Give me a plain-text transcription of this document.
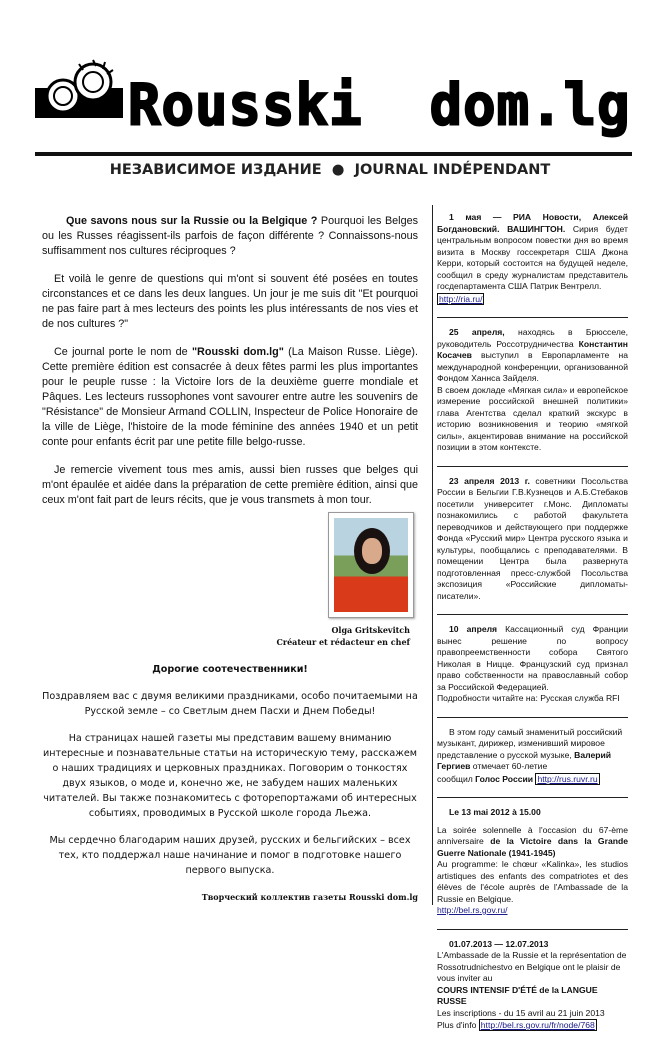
Rousski dom.lg
НЕЗАВИСИМОЕ ИЗДАНИЕ ● JOURNAL INDÉPENDANT

Que savons nous sur la Russie ou la Belgique ? Pourquoi les Belges ou les Russes réagissent-ils parfois de façon différente ? Connaissons-nous suffisamment nos cultures réciproques ?

Et voilà le genre de questions qui m'ont si souvent été posées en toutes circonstances et ce dans les deux langues. Un jour je me suis dit "Et pourquoi ne pas faire part à mes lecteurs des points les plus intéressants de nos vies et de nos cultures ?"

Ce journal porte le nom de "Rousski dom.lg" (La Maison Russe. Liège). Cette première édition est consacrée à deux fêtes parmi les plus importantes pour le peuple russe : la Victoire lors de la deuxième guerre mondiale et Pâques. Les lecteurs russophones vont savourer entre autre les souvenirs de "Résistance" de Monsieur Armand COLLIN, Inspecteur de Police Honoraire de la ville de Liège, l'histoire de la mode féminine des années 1940 et un petit conte pour enfants écrit par une petite fille belgo-russe.

Je remercie vivement tous mes amis, aussi bien russes que belges qui m'ont épaulée et aidée dans la préparation de cette première édition, ainsi que ceux m'ont fait part de leurs récits, que je vous transmets à mon tour.

Olga Gritskevitch
Créateur et rédacteur en chef
Дорогие соотечественники!

Поздравляем вас с двумя великими праздниками, особо почитаемыми на Русской земле – со Светлым днем Пасхи и Днем Победы!

На страницах нашей газеты мы представим вашему вниманию интересные и познавательные статьи на историческую тему, расскажем о наших традициях и церковных праздниках. Поговорим о тонкостях двух языков, о моде и, конечно же, не забудем наших маленьких читателей. Вы также познакомитесь с фоторепортажами об интересных событиях, проводимых в Русской школе города Льежа.

Мы сердечно благодарим наших друзей, русских и бельгийских – всех тех, кто поддержал наше начинание и помог в подготовке нашего первого выпуска.

Творческий коллектив газеты Rousski dom.lg

1 мая — РИА Новости, Алексей Богдановский. ВАШИНГТОН. Сирия будет центральным вопросом повестки дня во время визита в Москву госсекретаря США Джона Керри, который состоится на будущей неделе, сообщил в среду журналистам представитель госдепартамента США Патрик Вентрелл.

http://ria.ru/

25 апреля, находясь в Брюсселе, руководитель Россотрудничества Константин Косачев выступил в Европарламенте на международной конференции, организованной Фондом Ханнса Зайделя.

В своем докладе «Мягкая сила» и европейское измерение российской внешней политики» глава Агентства сделал краткий экскурс в историю возникновения и теорию «мягкой силы», акцентировав внимание на российской позиции в этом контексте.

23 апреля 2013 г. советники Посольства России в Бельгии Г.В.Кузнецов и А.Б.Стебаков посетили университет г.Монс. Дипломаты познакомились с работой факультета переводчиков и действующего при поддержке Фонда «Русский мир» Центра русского языка и культуры, пообщались с преподавателями. В помещении Центра была развернута подготовленная пресс-службой Посольства экспозиция «Российские дипломаты-писатели».

10 апреля Кассационный суд Франции вынес решение по вопросу правопреемственности собора Святого Николая в Ницце. Французский суд признал право собственности на православный собор за Российской Федерацией.

Подробности читайте на: Русская служба RFI

В этом году самый знаменитый российский музыкант, дирижер, изменивший мировое представление о русской музыке, Валерий Гергиев отмечает 60-летие

сообщил Голос России http://rus.ruvr.ru

Le 13 mai 2012 à 15.00

La soirée solennelle à l'occasion du 67-ème anniversaire de la Victoire dans la Grande Guerre Nationale (1941-1945)

Au programme: le chœur «Kalinka», les studios artistiques des enfants des compatriotes et des élèves de l'école auprès de l'Ambassade de la Russie en Belgique.

http://bel.rs.gov.ru/

01.07.2013 — 12.07.2013

L'Ambassade de la Russie et la représentation de Rossotrudnichestvo en Belgique ont le plaisir de vous inviter au

COURS INTENSIF D'ÉTÉ de la LANGUE RUSSE

Les inscriptions - du 15 avril au 21 juin 2013

Plus d'info http://bel.rs.gov.ru/fr/node/768
